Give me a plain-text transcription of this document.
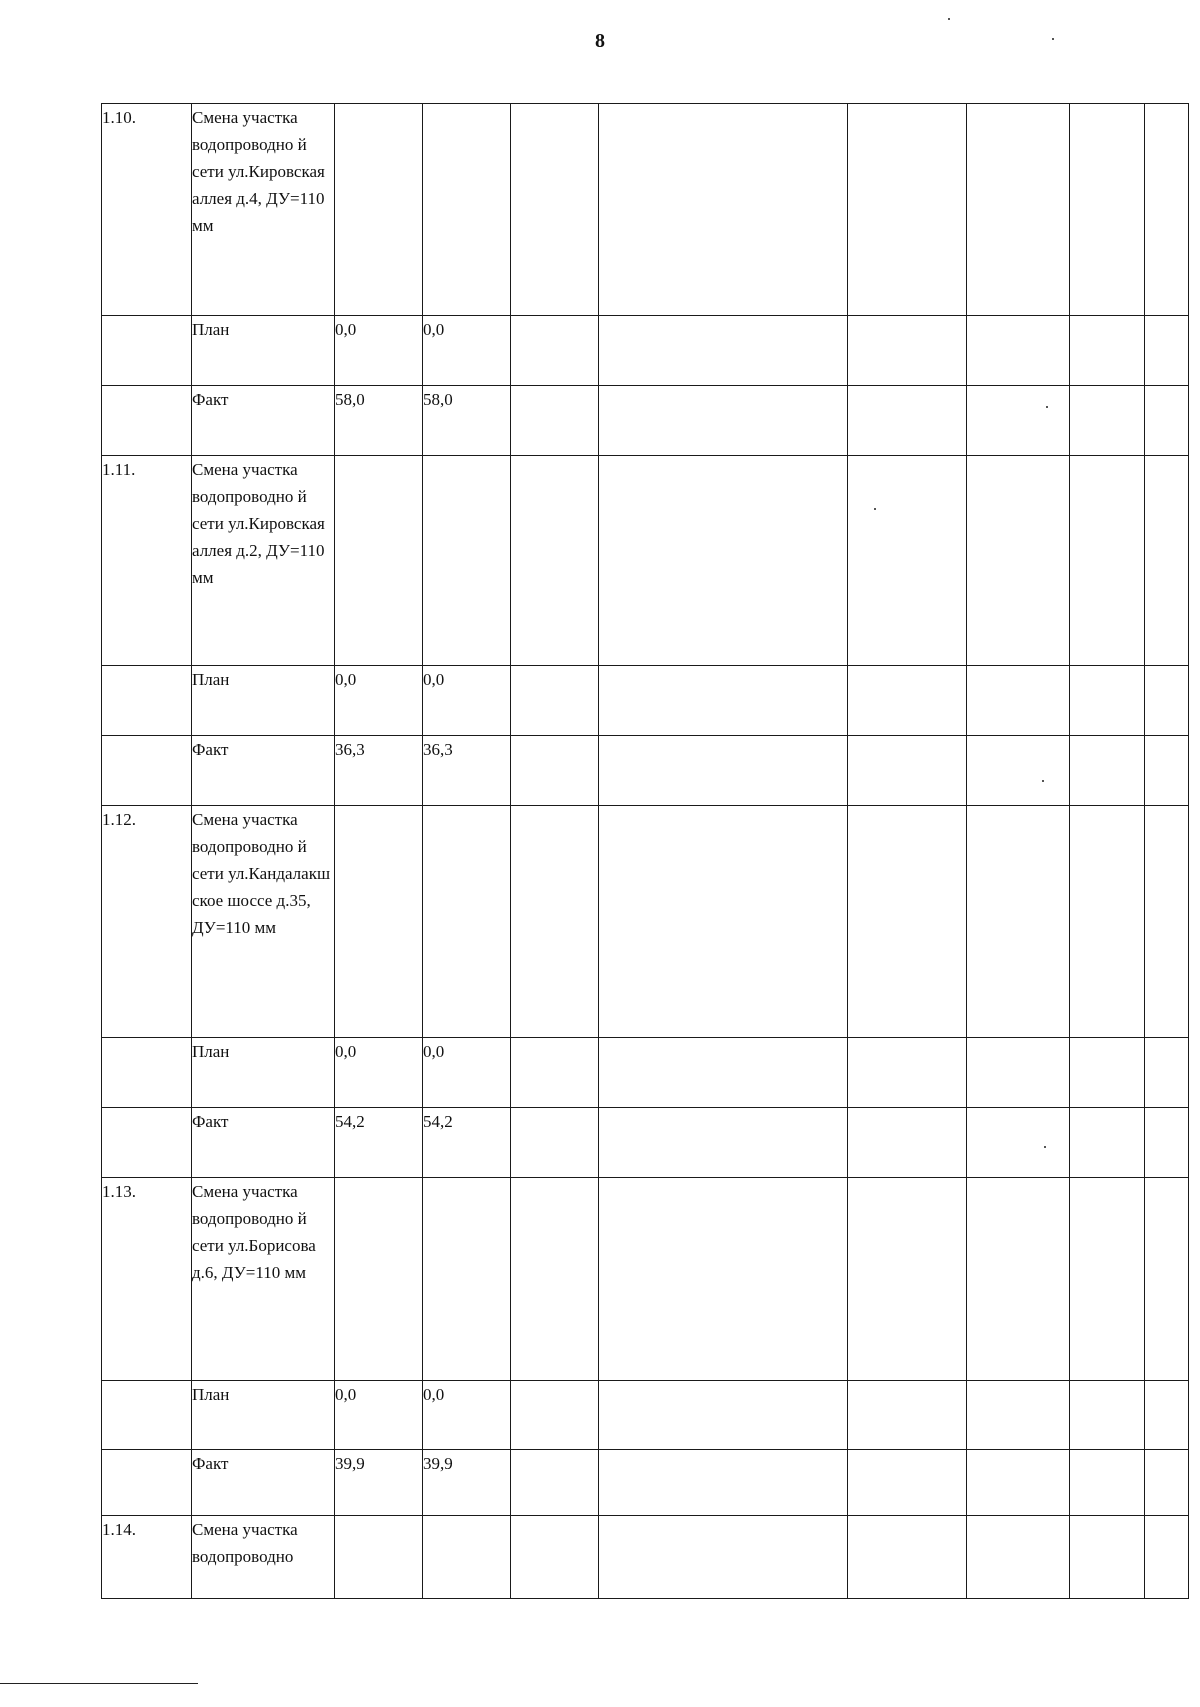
8
1.10.	Смена участка водопроводно й сети ул.Кировская аллея д.4, ДУ=110 мм								
	План	0,0	0,0						
	Факт	58,0	58,0						
1.11.	Смена участка водопроводно й сети ул.Кировская аллея д.2, ДУ=110 мм								
	План	0,0	0,0						
	Факт	36,3	36,3						
1.12.	Смена участка водопроводно й сети ул.Кандалакш ское шоссе д.35, ДУ=110 мм								
	План	0,0	0,0						
	Факт	54,2	54,2						
1.13.	Смена участка водопроводно й сети ул.Борисова д.6, ДУ=110 мм								
	План	0,0	0,0						
	Факт	39,9	39,9						
1.14.	Смена участка водопроводно								
